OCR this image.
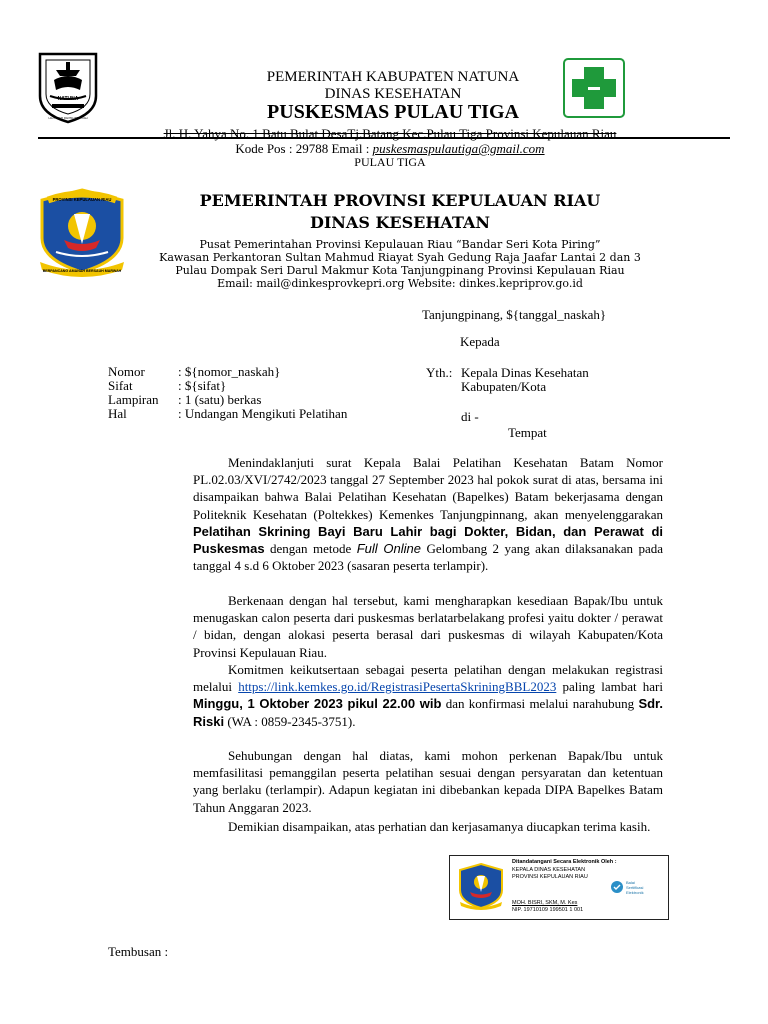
NATUNA
LAUT SAKTI RANTAU BERTUAH
PEMERINTAH KABUPATEN NATUNA
DINAS KESEHATAN
PUSKESMAS PULAU TIGA
Jl. H. Yahya No. 1 Batu Bulat DesaTj.Batang Kec.Pulau Tiga Provinsi Kepulauan Riau
Kode Pos : 29788 Email : puskesmaspulautiga@gmail.com
PULAU TIGA
PROVINSI KEPULAUAN RIAU
BERPANCANG AMANAH BERSAUH MARWAH
PEMERINTAH PROVINSI KEPULAUAN RIAU
DINAS KESEHATAN
Pusat Pemerintahan Provinsi Kepulauan Riau “Bandar Seri Kota Piring”
Kawasan Perkantoran Sultan Mahmud Riayat Syah Gedung Raja Jaafar Lantai 2 dan 3
Pulau Dompak Seri Darul Makmur Kota Tanjungpinang Provinsi Kepulauan Riau
Email: mail@dinkesprovkepri.org Website: dinkes.kepriprov.go.id
Tanjungpinang, ${tanggal_naskah}
Kepada
Nomor	: ${nomor_naskah}
Sifat	: ${sifat}
Lampiran	: 1 (satu) berkas
Hal	: Undangan Mengikuti Pelatihan
Yth.: Kepala Dinas Kesehatan
Kabupaten/Kota
di -
Tempat
Menindaklanjuti surat Kepala Balai Pelatihan Kesehatan Batam Nomor PL.02.03/XVI/2742/2023 tanggal 27 September 2023 hal pokok surat di atas, bersama ini disampaikan bahwa Balai Pelatihan Kesehatan (Bapelkes) Batam bekerjasama dengan Politeknik Kesehatan (Poltekkes) Kemenkes Tanjungpinnang, akan menyelenggarakan Pelatihan Skrining Bayi Baru Lahir bagi Dokter, Bidan, dan Perawat di Puskesmas dengan metode Full Online Gelombang 2 yang akan dilaksanakan pada tanggal 4 s.d 6 Oktober 2023 (sasaran peserta terlampir).
Berkenaan dengan hal tersebut, kami mengharapkan kesediaan Bapak/Ibu untuk menugaskan calon peserta dari puskesmas berlatarbelakang profesi yaitu dokter / perawat / bidan, dengan alokasi peserta berasal dari puskesmas di wilayah Kabupaten/Kota Provinsi Kepulauan Riau.
Komitmen keikutsertaan sebagai peserta pelatihan dengan melakukan registrasi melalui https://link.kemkes.go.id/RegistrasiPesertaSkriningBBL2023 paling lambat hari Minggu, 1 Oktober 2023 pikul 22.00 wib dan konfirmasi melalui narahubung Sdr. Riski (WA : 0859-2345-3751).
Sehubungan dengan hal diatas, kami mohon perkenan Bapak/Ibu untuk memfasilitasi pemanggilan peserta pelatihan sesuai dengan persyaratan dan ketentuan yang berlaku (terlampir). Adapun kegiatan ini dibebankan kepada DIPA Bapelkes Batam Tahun Anggaran 2023.
Demikian disampaikan, atas perhatian dan kerjasamanya diucapkan terima kasih.
Ditandatangani Secara Elektronik Oleh :
KEPALA DINAS KESEHATAN
PROVINSI KEPULAUAN RIAU
Balai
Sertifikasi
Elektronik
MOH. BISRI, SKM, M. Kes
NIP. 19710109 199501 1 001
Tembusan :
